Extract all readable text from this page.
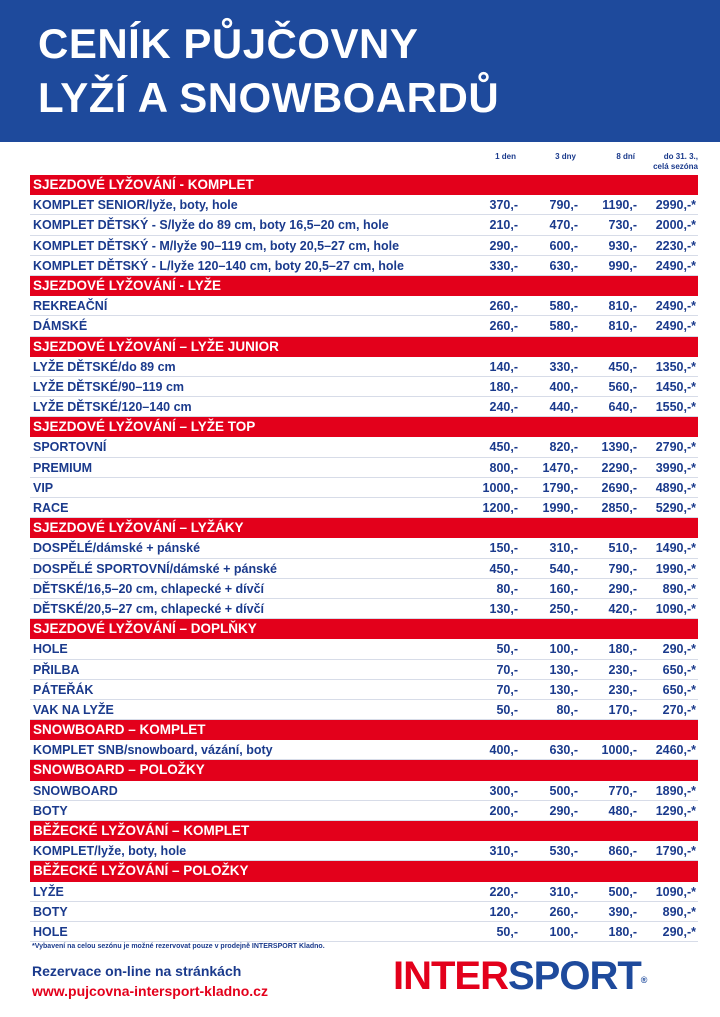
CENÍK PŮJČOVNY
LYŽÍ A SNOWBOARDŮ
1 den	3 dny	8 dní	do 31. 3.,
celá sezóna
SJEZDOVÉ LYŽOVÁNÍ - KOMPLET
KOMPLET SENIOR/lyže, boty, hole	370,-	790,-	1190,-	2990,-*
KOMPLET DĚTSKÝ - S/lyže do 89 cm, boty 16,5–20 cm, hole	210,-	470,-	730,-	2000,-*
KOMPLET DĚTSKÝ - M/lyže 90–119 cm, boty 20,5–27 cm, hole	290,-	600,-	930,-	2230,-*
KOMPLET DĚTSKÝ - L/lyže 120–140 cm, boty 20,5–27 cm, hole	330,-	630,-	990,-	2490,-*
SJEZDOVÉ LYŽOVÁNÍ - LYŽE
REKREAČNÍ	260,-	580,-	810,-	2490,-*
DÁMSKÉ	260,-	580,-	810,-	2490,-*
SJEZDOVÉ LYŽOVÁNÍ – LYŽE JUNIOR
LYŽE DĚTSKÉ/do 89 cm	140,-	330,-	450,-	1350,-*
LYŽE DĚTSKÉ/90–119 cm	180,-	400,-	560,-	1450,-*
LYŽE DĚTSKÉ/120–140 cm	240,-	440,-	640,-	1550,-*
SJEZDOVÉ LYŽOVÁNÍ – LYŽE TOP
SPORTOVNÍ	450,-	820,-	1390,-	2790,-*
PREMIUM	800,-	1470,-	2290,-	3990,-*
VIP	1000,-	1790,-	2690,-	4890,-*
RACE	1200,-	1990,-	2850,-	5290,-*
SJEZDOVÉ LYŽOVÁNÍ – LYŽÁKY
DOSPĚLÉ/dámské + pánské	150,-	310,-	510,-	1490,-*
DOSPĚLÉ SPORTOVNÍ/dámské + pánské	450,-	540,-	790,-	1990,-*
DĚTSKÉ/16,5–20 cm, chlapecké + dívčí	80,-	160,-	290,-	890,-*
DĚTSKÉ/20,5–27 cm, chlapecké + dívčí	130,-	250,-	420,-	1090,-*
SJEZDOVÉ LYŽOVÁNÍ – DOPLŇKY
HOLE	50,-	100,-	180,-	290,-*
PŘILBA	70,-	130,-	230,-	650,-*
PÁTEŘÁK	70,-	130,-	230,-	650,-*
VAK NA LYŽE	50,-	80,-	170,-	270,-*
SNOWBOARD – KOMPLET
KOMPLET SNB/snowboard, vázání, boty	400,-	630,-	1000,-	2460,-*
SNOWBOARD – POLOŽKY
SNOWBOARD	300,-	500,-	770,-	1890,-*
BOTY	200,-	290,-	480,-	1290,-*
BĚŽECKÉ LYŽOVÁNÍ – KOMPLET
KOMPLET/lyže, boty, hole	310,-	530,-	860,-	1790,-*
BĚŽECKÉ LYŽOVÁNÍ – POLOŽKY
LYŽE	220,-	310,-	500,-	1090,-*
BOTY	120,-	260,-	390,-	890,-*
HOLE	50,-	100,-	180,-	290,-*
*Vybavení na celou sezónu je možné rezervovat pouze v prodejně INTERSPORT Kladno.
Rezervace on-line na stránkách
www.pujcovna-intersport-kladno.cz	INTERSPORT®
